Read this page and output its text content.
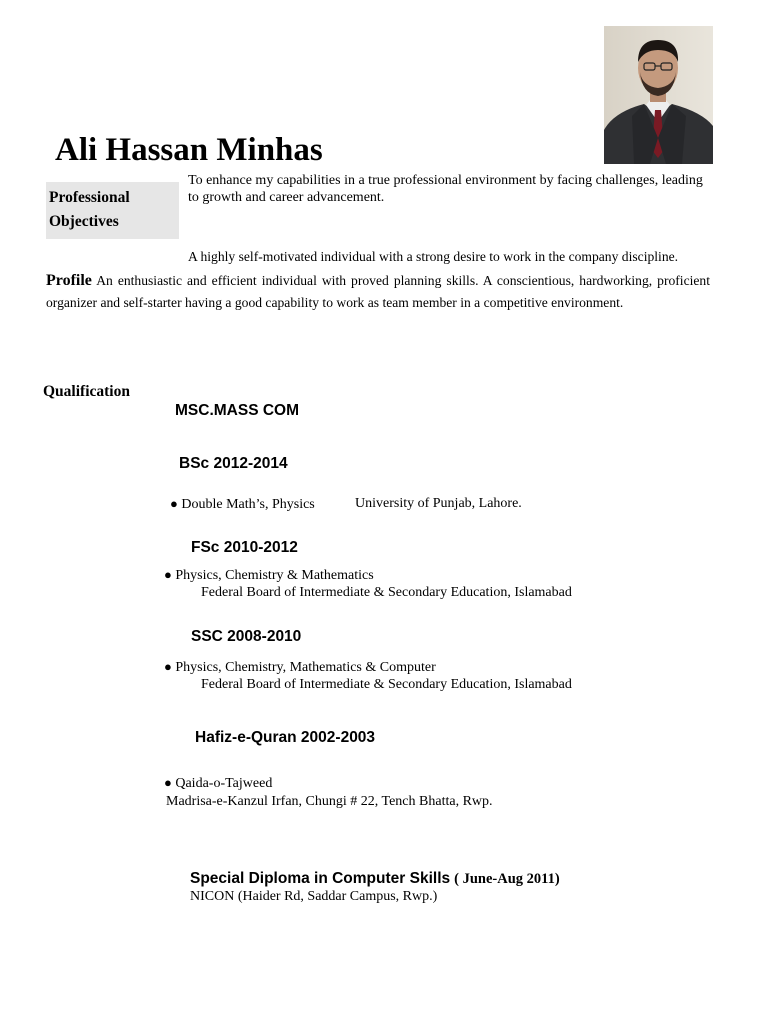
Ali Hassan Minhas
Professional
Objectives
To enhance my capabilities in a true professional environment by facing challenges, leading to growth and career advancement.
A highly self-motivated individual with a strong desire to work in the company discipline.
Profile An enthusiastic and efficient individual with proved planning skills. A conscientious, hardworking, proficient organizer and self-starter having a good capability to work as team member in a competitive environment.
Qualification
MSC.MASS COM
BSc 2012-2014
● Double Math’s, Physics	University of Punjab, Lahore.
FSc 2010-2012
● Physics, Chemistry & Mathematics
Federal Board of Intermediate & Secondary Education, Islamabad
SSC 2008-2010
● Physics, Chemistry, Mathematics & Computer
Federal Board of Intermediate & Secondary Education, Islamabad
Hafiz-e-Quran 2002-2003
● Qaida-o-Tajweed
Madrisa-e-Kanzul Irfan, Chungi # 22, Tench Bhatta, Rwp.
Special Diploma in Computer Skills ( June-Aug 2011)
NICON (Haider Rd, Saddar Campus, Rwp.)
